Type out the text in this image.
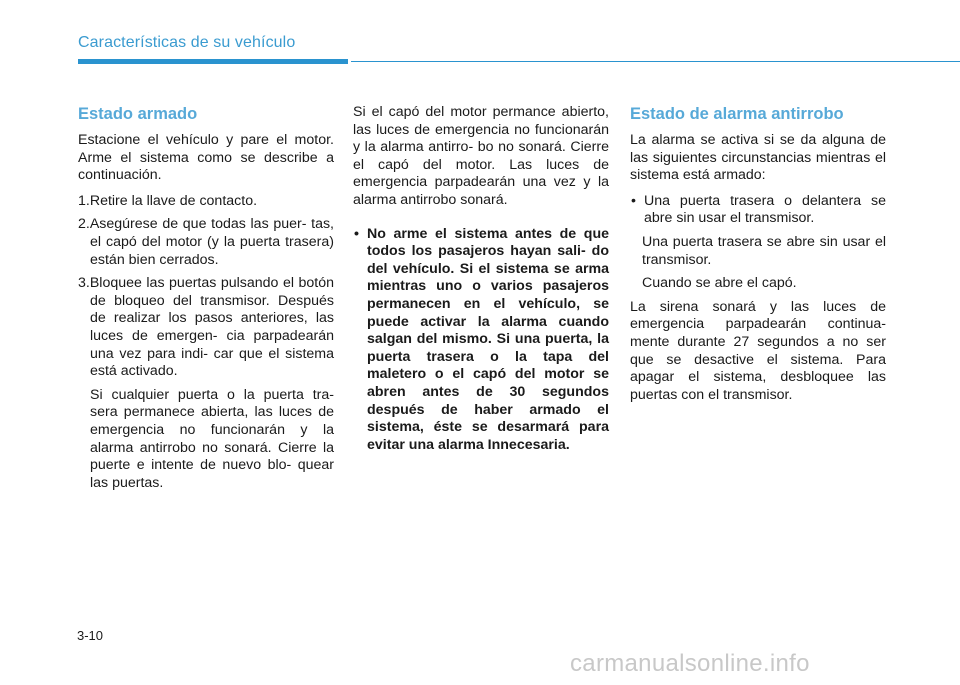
Características de su vehículo
Estado armado

Estacione el vehículo y pare el motor. Arme el sistema como se describe a continuación.

1.Retire la llave de contacto.

2.Asegúrese de que todas las puer- tas, el capó del motor (y la puerta trasera) están bien cerrados.

3.Bloquee las puertas pulsando el botón de bloqueo del transmisor. Después de realizar los pasos anteriores, las luces de emergen- cia parpadearán una vez para indi- car que el sistema está activado.

Si cualquier puerta o la puerta tra- sera permanece abierta, las luces de emergencia no funcionarán y la alarma antirrobo no sonará. Cierre la puerte e intente de nuevo blo- quear las puertas.

Si el capó del motor permance abierto, las luces de emergencia no funcionarán y la alarma antirro- bo no sonará. Cierre el capó del motor. Las luces de emergencia parpadearán una vez y la alarma antirrobo sonará.

• No arme el sistema antes de que todos los pasajeros hayan sali- do del vehículo. Si el sistema se arma mientras uno o varios pasajeros permanecen en el vehículo, se puede activar la alarma cuando salgan del mismo. Si una puerta, la puerta trasera o la tapa del maletero o el capó del motor se abren antes de 30 segundos después de haber armado el sistema, éste se desarmará para evitar una alarma Innecesaria.
Estado de alarma antirrobo

La alarma se activa si se da alguna de las siguientes circunstancias mientras el sistema está armado:

• Una puerta trasera o delantera se abre sin usar el transmisor.

Una puerta trasera se abre sin usar el transmisor.

Cuando se abre el capó.

La sirena sonará y las luces de emergencia parpadearán continua- mente durante 27 segundos a no ser que se desactive el sistema. Para apagar el sistema, desbloquee las puertas con el transmisor.

3-10
carmanualsonline.info
